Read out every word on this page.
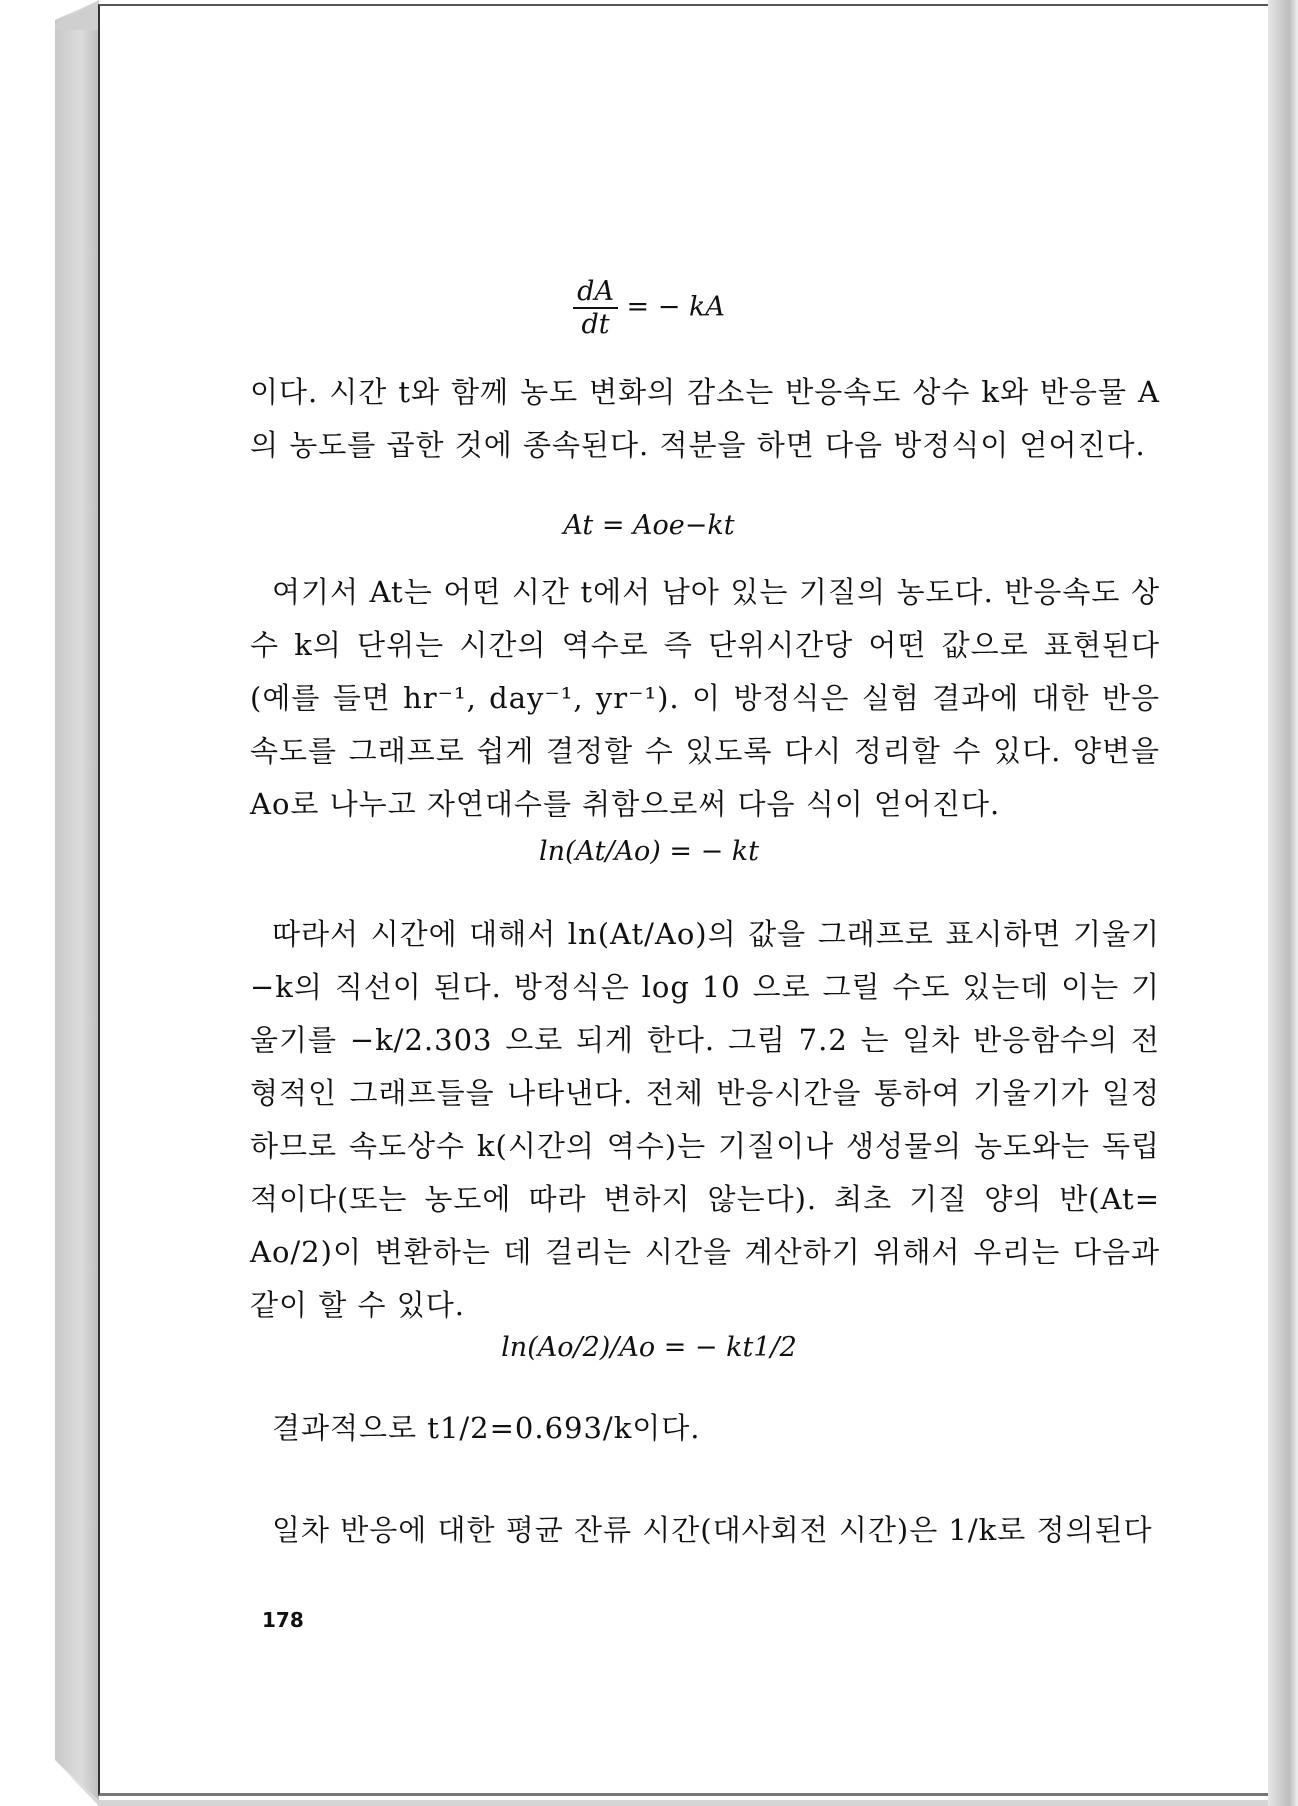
$\frac{dA}{dt}$ = − kA
이다. 시간 t와 함께 농도 변화의 감소는 반응속도 상수 k와 반응물 A의 농도를 곱한 것에 종속된다. 적분을 하면 다음 방정식이 얻어진다.
At = Aoe−kt
여기서 At는 어떤 시간 t에서 남아 있는 기질의 농도다. 반응속도 상수 k의 단위는 시간의 역수로 즉 단위시간당 어떤 값으로 표현된다 (예를 들면 hr⁻¹, day⁻¹, yr⁻¹). 이 방정식은 실험 결과에 대한 반응 속도를 그래프로 쉽게 결정할 수 있도록 다시 정리할 수 있다. 양변을 Ao로 나누고 자연대수를 취함으로써 다음 식이 얻어진다.
ln(At/Ao) = − kt
따라서 시간에 대해서 ln(At/Ao)의 값을 그래프로 표시하면 기울기 −k의 직선이 된다. 방정식은 log 10 으로 그릴 수도 있는데 이는 기울기를 −k/2.303 으로 되게 한다. 그림 7.2 는 일차 반응함수의 전형적인 그래프들을 나타낸다. 전체 반응시간을 통하여 기울기가 일정하므로 속도상수 k(시간의 역수)는 기질이나 생성물의 농도와는 독립적이다(또는 농도에 따라 변하지 않는다). 최초 기질 양의 반(At= Ao/2)이 변환하는 데 걸리는 시간을 계산하기 위해서 우리는 다음과 같이 할 수 있다.
ln(Ao/2)/Ao = − kt1/2
결과적으로 t1/2=0.693/k이다.
일차 반응에 대한 평균 잔류 시간(대사회전 시간)은 1/k로 정의된다
178
